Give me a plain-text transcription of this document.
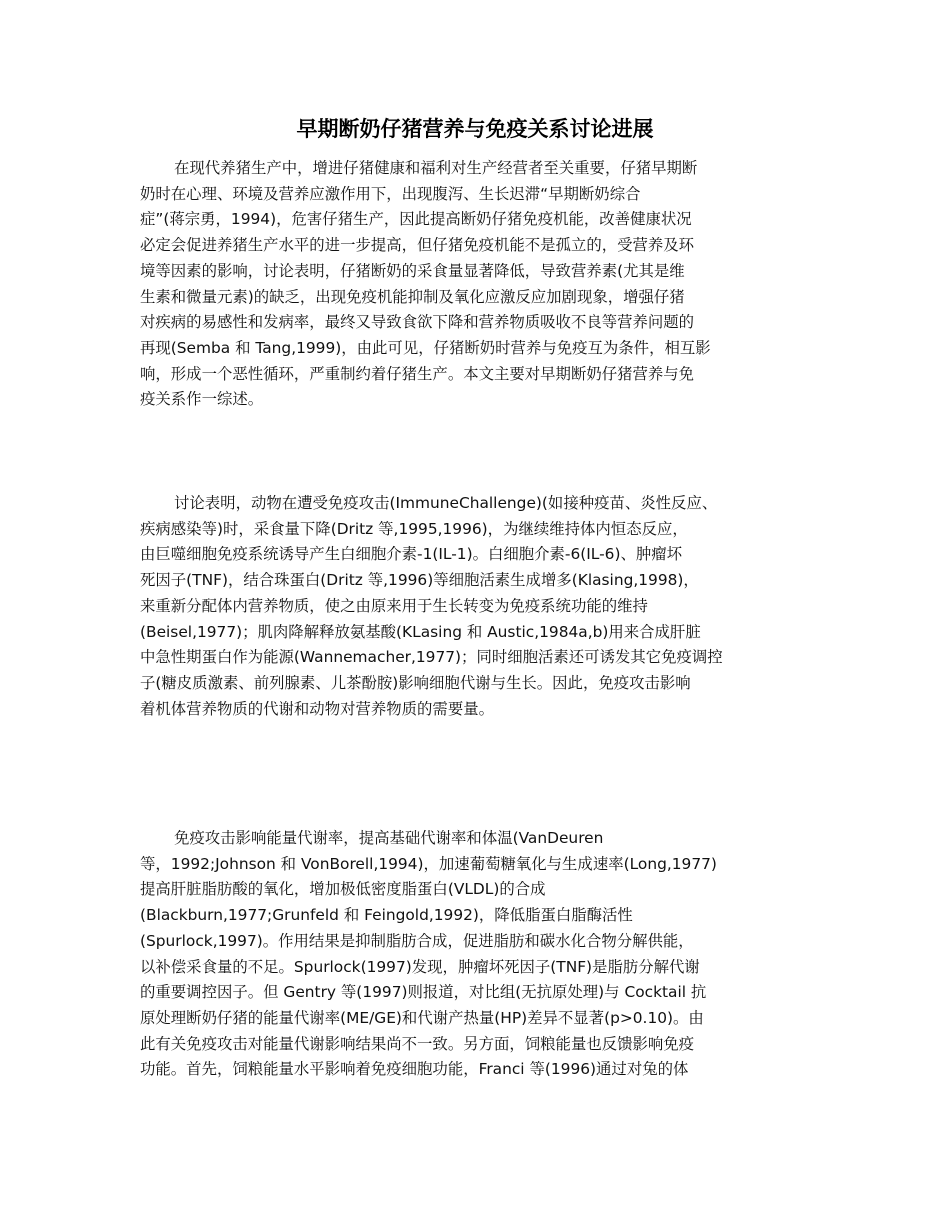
早期断奶仔猪营养与免疫关系讨论进展
在现代养猪生产中，增进仔猪健康和福利对生产经营者至关重要，仔猪早期断
奶时在心理、环境及营养应激作用下，出现腹泻、生长迟滞“早期断奶综合
症”(蒋宗勇，1994)，危害仔猪生产，因此提高断奶仔猪免疫机能，改善健康状况
必定会促进养猪生产水平的进一步提高，但仔猪免疫机能不是孤立的，受营养及环
境等因素的影响，讨论表明，仔猪断奶的采食量显著降低，导致营养素(尤其是维
生素和微量元素)的缺乏，出现免疫机能抑制及氧化应激反应加剧现象，增强仔猪
对疾病的易感性和发病率，最终又导致食欲下降和营养物质吸收不良等营养问题的
再现(Semba 和 Tang,1999)，由此可见，仔猪断奶时营养与免疫互为条件，相互影
响，形成一个恶性循环，严重制约着仔猪生产。本文主要对早期断奶仔猪营养与免
疫关系作一综述。
讨论表明，动物在遭受免疫攻击(ImmuneChallenge)(如接种疫苗、炎性反应、
疾病感染等)时，采食量下降(Dritz 等,1995,1996)，为继续维持体内恒态反应，
由巨噬细胞免疫系统诱导产生白细胞介素-1(IL-1)。白细胞介素-6(IL-6)、肿瘤坏
死因子(TNF)，结合珠蛋白(Dritz 等,1996)等细胞活素生成增多(Klasing,1998)，
来重新分配体内营养物质，使之由原来用于生长转变为免疫系统功能的维持
(Beisel,1977)；肌肉降解释放氨基酸(KLasing 和 Austic,1984a,b)用来合成肝脏
中急性期蛋白作为能源(Wannemacher,1977)；同时细胞活素还可诱发其它免疫调控
子(糖皮质激素、前列腺素、儿茶酚胺)影响细胞代谢与生长。因此，免疫攻击影响
着机体营养物质的代谢和动物对营养物质的需要量。
免疫攻击影响能量代谢率，提高基础代谢率和体温(VanDeuren
等，1992;Johnson 和 VonBorell,1994)，加速葡萄糖氧化与生成速率(Long,1977)
提高肝脏脂肪酸的氧化，增加极低密度脂蛋白(VLDL)的合成
(Blackburn,1977;Grunfeld 和 Feingold,1992)，降低脂蛋白脂酶活性
(Spurlock,1997)。作用结果是抑制脂肪合成，促进脂肪和碳水化合物分解供能，
以补偿采食量的不足。Spurlock(1997)发现，肿瘤坏死因子(TNF)是脂肪分解代谢
的重要调控因子。但 Gentry 等(1997)则报道，对比组(无抗原处理)与 Cocktail 抗
原处理断奶仔猪的能量代谢率(ME/GE)和代谢产热量(HP)差异不显著(p>0.10)。由
此有关免疫攻击对能量代谢影响结果尚不一致。另方面，饲粮能量也反馈影响免疫
功能。首先，饲粮能量水平影响着免疫细胞功能，Franci 等(1996)通过对兔的体
